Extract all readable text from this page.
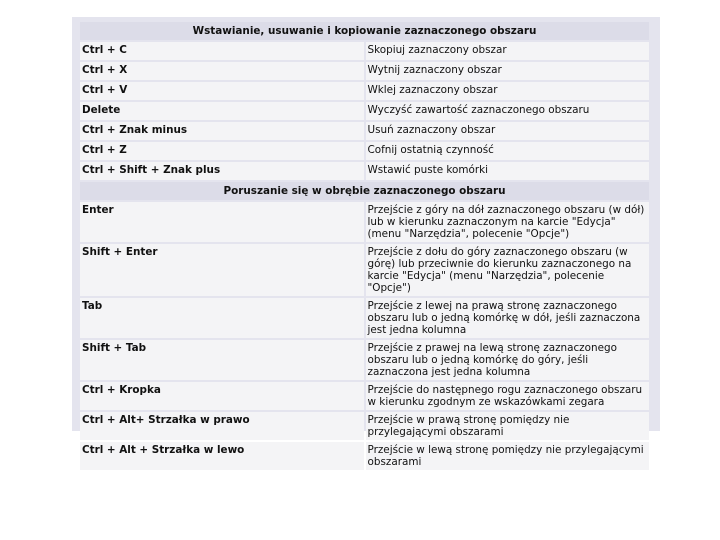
Wstawianie, usuwanie i kopiowanie zaznaczonego obszaru	
Ctrl + C	Skopiuj zaznaczony obszar
Ctrl + X	Wytnij zaznaczony obszar
Ctrl + V	Wklej zaznaczony obszar
Delete	Wyczyść zawartość zaznaczonego obszaru
Ctrl + Znak minus	Usuń zaznaczony obszar
Ctrl + Z	Cofnij ostatnią czynność
Ctrl + Shift + Znak plus	Wstawić puste komórki
Poruszanie się w obrębie zaznaczonego obszaru	
Enter	Przejście z góry na dół zaznaczonego obszaru (w dół) lub w kierunku zaznaczonym na karcie "Edycja" (menu "Narzędzia", polecenie "Opcje")
Shift + Enter	Przejście z dołu do góry zaznaczonego obszaru (w górę) lub przeciwnie do kierunku zaznaczonego na karcie "Edycja" (menu "Narzędzia", polecenie "Opcje")
Tab	Przejście z lewej na prawą stronę zaznaczonego obszaru lub o jedną komórkę w dół, jeśli zaznaczona jest jedna kolumna
Shift + Tab	Przejście z prawej na lewą stronę zaznaczonego obszaru lub o jedną komórkę do góry, jeśli zaznaczona jest jedna kolumna
Ctrl + Kropka	Przejście do następnego rogu zaznaczonego obszaru w kierunku zgodnym ze wskazówkami zegara
Ctrl + Alt+ Strzałka w prawo	Przejście w prawą stronę pomiędzy nie przylegającymi obszarami
Ctrl + Alt + Strzałka w lewo	Przejście w lewą stronę pomiędzy nie przylegającymi obszarami
